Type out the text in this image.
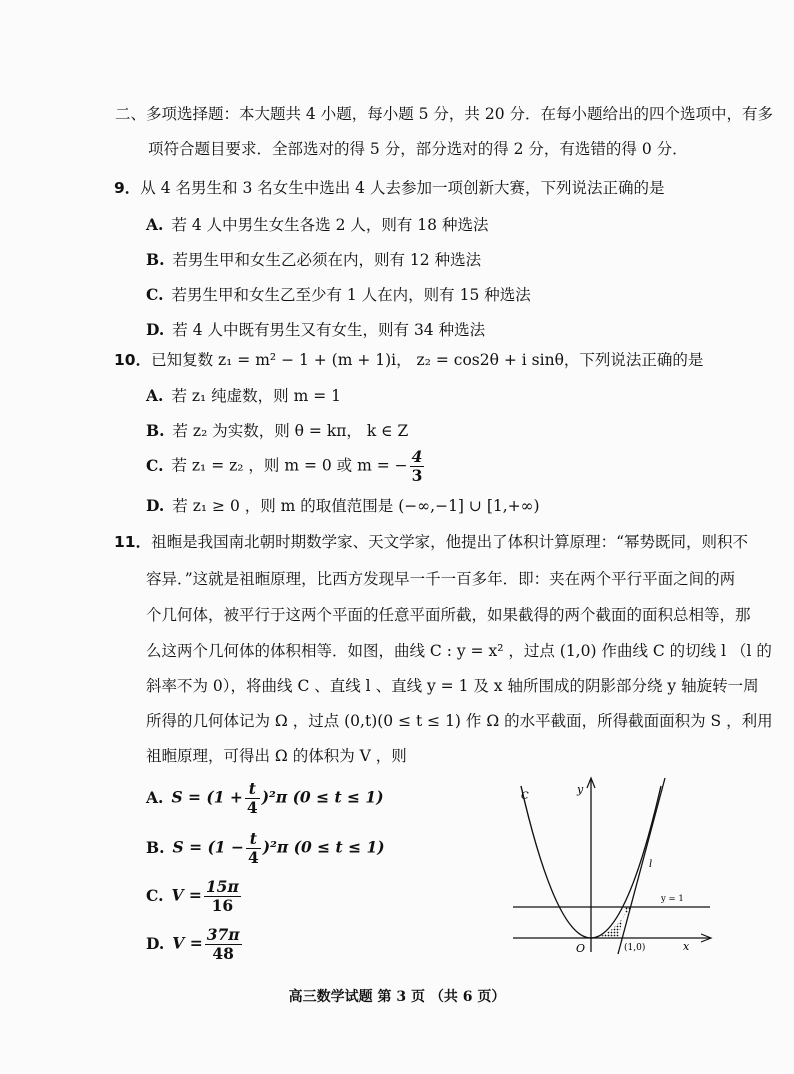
二、多项选择题：本大题共 4 小题，每小题 5 分，共 20 分．在每小题给出的四个选项中，有多
项符合题目要求．全部选对的得 5 分，部分选对的得 2 分，有选错的得 0 分．
9．从 4 名男生和 3 名女生中选出 4 人去参加一项创新大赛，下列说法正确的是
A. 若 4 人中男生女生各选 2 人，则有 18 种选法
B. 若男生甲和女生乙必须在内，则有 12 种选法
C. 若男生甲和女生乙至少有 1 人在内，则有 15 种选法
D. 若 4 人中既有男生又有女生，则有 34 种选法
10．已知复数 z₁ = m² − 1 + (m + 1)i， z₂ = cos2θ + i sinθ，下列说法正确的是
A. 若 z₁ 纯虚数，则 m = 1
B. 若 z₂ 为实数，则 θ = kπ， k ∈ Z
C. 若 z₁ = z₂ ，则 m = 0 或 m = − $\frac{4}{3}$
D. 若 z₁ ≥ 0 ，则 m 的取值范围是 (−∞,−1] ∪ [1,+∞)
11．祖暅是我国南北朝时期数学家、天文学家，他提出了体积计算原理：“幂势既同，则积不
容异．”这就是祖暅原理，比西方发现早一千一百多年．即：夹在两个平行平面之间的两
个几何体，被平行于这两个平面的任意平面所截，如果截得的两个截面的面积总相等，那
么这两个几何体的体积相等．如图，曲线 C : y = x² ，过点 (1,0) 作曲线 C 的切线 l （l 的
斜率不为 0），将曲线 C 、直线 l 、直线 y = 1 及 x 轴所围成的阴影部分绕 y 轴旋转一周
所得的几何体记为 Ω ，过点 (0,t)(0 ≤ t ≤ 1) 作 Ω 的水平截面，所得截面面积为 S ，利用
祖暅原理，可得出 Ω 的体积为 V ，则
A. $S = (1 + \frac{t}{4} )^2\pi$ (0 ≤ t ≤ 1)
B. $S = (1 - \frac{t}{4} )^2\pi$ (0 ≤ t ≤ 1)
C. $V = \frac{15\pi}{16}$
D. $V = \frac{37\pi}{48}$
C
y
x
O
l
y = 1
(1,0)
高三数学试题 第 3 页 （共 6 页）
